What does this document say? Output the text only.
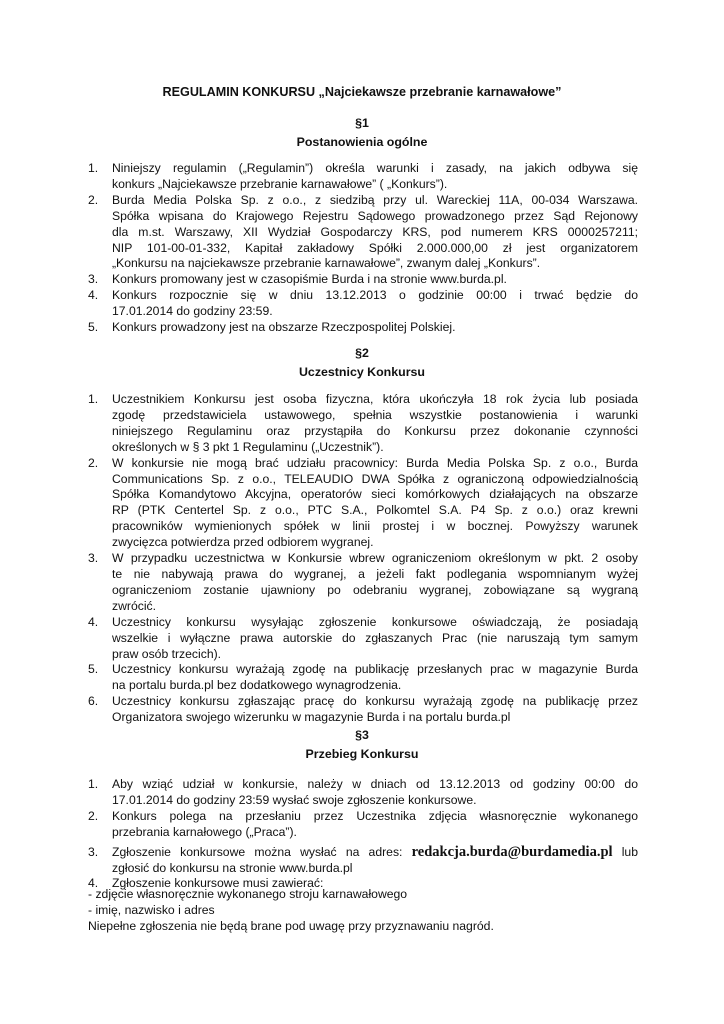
REGULAMIN KONKURSU „Najciekawsze przebranie karnawałowe”
§1
Postanowienia ogólne
1. Niniejszy regulamin („Regulamin”) określa warunki i zasady, na jakich odbywa się
konkurs „Najciekawsze przebranie karnawałowe” ( „Konkurs”).
2. Burda Media Polska Sp. z o.o., z siedzibą przy ul. Wareckiej 11A, 00-034 Warszawa.
Spółka wpisana do Krajowego Rejestru Sądowego prowadzonego przez Sąd Rejonowy
dla m.st. Warszawy, XII Wydział Gospodarczy KRS, pod numerem KRS 0000257211;
NIP 101-00-01-332, Kapitał zakładowy Spółki 2.000.000,00 zł jest organizatorem
„Konkursu na najciekawsze przebranie karnawałowe”, zwanym dalej „Konkurs”.
3. Konkurs promowany jest w czasopiśmie Burda i na stronie www.burda.pl.
4. Konkurs rozpocznie się w dniu 13.12.2013 o godzinie 00:00 i trwać będzie do
17.01.2014 do godziny 23:59.
5. Konkurs prowadzony jest na obszarze Rzeczpospolitej Polskiej.
§2
Uczestnicy Konkursu
1. Uczestnikiem Konkursu jest osoba fizyczna, która ukończyła 18 rok życia lub posiada
zgodę przedstawiciela ustawowego, spełnia wszystkie postanowienia i warunki
niniejszego Regulaminu oraz przystąpiła do Konkursu przez dokonanie czynności
określonych w § 3 pkt 1 Regulaminu („Uczestnik”).
2. W konkursie nie mogą brać udziału pracownicy: Burda Media Polska Sp. z o.o., Burda
Communications Sp. z o.o., TELEAUDIO DWA Spółka z ograniczoną odpowiedzialnością
Spółka Komandytowo Akcyjna, operatorów sieci komórkowych działających na obszarze
RP (PTK Centertel Sp. z o.o., PTC S.A., Polkomtel S.A. P4 Sp. z o.o.) oraz krewni
pracowników wymienionych spółek w linii prostej i w bocznej. Powyższy warunek
zwycięzca potwierdza przed odbiorem wygranej.
3. W przypadku uczestnictwa w Konkursie wbrew ograniczeniom określonym w pkt. 2 osoby
te nie nabywają prawa do wygranej, a jeżeli fakt podlegania wspomnianym wyżej
ograniczeniom zostanie ujawniony po odebraniu wygranej, zobowiązane są wygraną
zwrócić.
4. Uczestnicy konkursu wysyłając zgłoszenie konkursowe oświadczają, że posiadają
wszelkie i wyłączne prawa autorskie do zgłaszanych Prac (nie naruszają tym samym
praw osób trzecich).
5. Uczestnicy konkursu wyrażają zgodę na publikację przesłanych prac w magazynie Burda
na portalu burda.pl bez dodatkowego wynagrodzenia.
6. Uczestnicy konkursu zgłaszając pracę do konkursu wyrażają zgodę na publikację przez
Organizatora swojego wizerunku w magazynie Burda i na portalu burda.pl
§3
Przebieg Konkursu
1. Aby wziąć udział w konkursie, należy w dniach od 13.12.2013 od godziny 00:00 do
17.01.2014 do godziny 23:59 wysłać swoje zgłoszenie konkursowe.
2. Konkurs polega na przesłaniu przez Uczestnika zdjęcia własnoręcznie wykonanego
przebrania karnałowego („Praca”).
3. Zgłoszenie konkursowe można wysłać na adres: redakcja.burda@burdamedia.pl lub
zgłosić do konkursu na stronie www.burda.pl
4. Zgłoszenie konkursowe musi zawierać:
- zdjęcie własnoręcznie wykonanego stroju karnawałowego
- imię, nazwisko i adres
Niepełne zgłoszenia nie będą brane pod uwagę przy przyznawaniu nagród.
